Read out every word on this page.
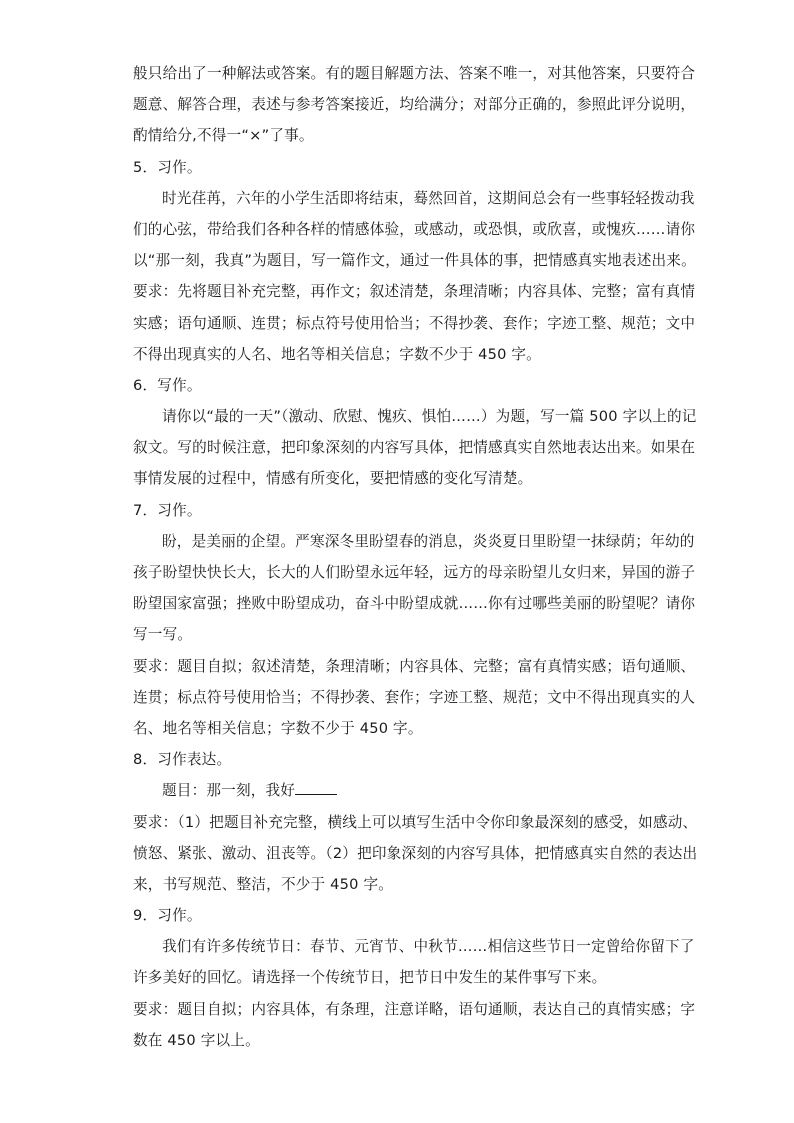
般只给出了一种解法或答案。有的题目解题方法、答案不唯一，对其他答案，只要符合
题意、解答合理，表述与参考答案接近，均给满分；对部分正确的，参照此评分说明，
酌情给分,不得一“×”了事。
5．习作。
时光荏苒，六年的小学生活即将结束，蓦然回首，这期间总会有一些事轻轻拨动我
们的心弦，带给我们各种各样的情感体验，或感动，或恐惧，或欣喜，或愧疚……请你
以“那一刻，我真”为题目，写一篇作文，通过一件具体的事，把情感真实地表述出来。
要求：先将题目补充完整，再作文；叙述清楚，条理清晰；内容具体、完整；富有真情
实感；语句通顺、连贯；标点符号使用恰当；不得抄袭、套作；字迹工整、规范；文中
不得出现真实的人名、地名等相关信息；字数不少于 450 字。
6．写作。
请你以“最的一天”（激动、欣慰、愧疚、惧怕……）为题，写一篇 500 字以上的记
叙文。写的时候注意，把印象深刻的内容写具体，把情感真实自然地表达出来。如果在
事情发展的过程中，情感有所变化，要把情感的变化写清楚。
7．习作。
盼，是美丽的企望。严寒深冬里盼望春的消息，炎炎夏日里盼望一抹绿荫；年幼的
孩子盼望快快长大，长大的人们盼望永远年轻，远方的母亲盼望儿女归来，异国的游子
盼望国家富强；挫败中盼望成功，奋斗中盼望成就……你有过哪些美丽的盼望呢？请你
写一写。
要求：题目自拟；叙述清楚，条理清晰；内容具体、完整；富有真情实感；语句通顺、
连贯；标点符号使用恰当；不得抄袭、套作；字迹工整、规范；文中不得出现真实的人
名、地名等相关信息；字数不少于 450 字。
8．习作表达。
题目：那一刻，我好
要求：（1）把题目补充完整，横线上可以填写生活中令你印象最深刻的感受，如感动、
愤怒、紧张、激动、沮丧等。（2）把印象深刻的内容写具体，把情感真实自然的表达出
来，书写规范、整洁，不少于 450 字。
9．习作。
我们有许多传统节日：春节、元宵节、中秋节……相信这些节日一定曾给你留下了
许多美好的回忆。请选择一个传统节日，把节日中发生的某件事写下来。
要求：题目自拟；内容具体，有条理，注意详略，语句通顺，表达自己的真情实感；字
数在 450 字以上。
